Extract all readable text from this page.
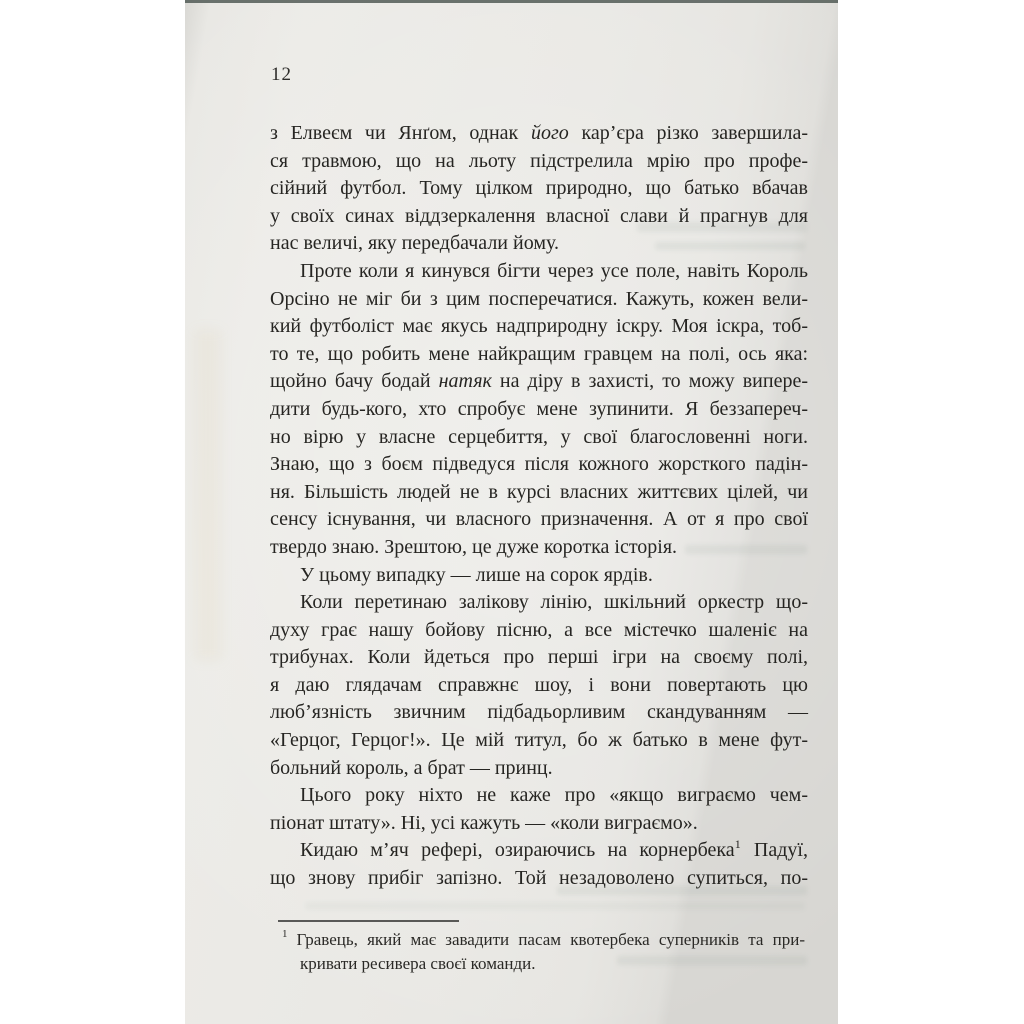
12
з Елвеєм чи Янґом, однак його кар’єра різко завершила-
ся травмою, що на льоту підстрелила мрію про профе-
сійний футбол. Тому цілком природно, що батько вбачав
у своїх синах віддзеркалення власної слави й прагнув для
нас величі, яку передбачали йому.
Проте коли я кинувся бігти через усе поле, навіть Король
Орсіно не міг би з цим посперечатися. Кажуть, кожен вели-
кий футболіст має якусь надприродну іскру. Моя іскра, тоб-
то те, що робить мене найкращим гравцем на полі, ось яка:
щойно бачу бодай натяк на діру в захисті, то можу випере-
дити будь-кого, хто спробує мене зупинити. Я беззапереч-
но вірю у власне серцебиття, у свої благословенні ноги.
Знаю, що з боєм підведуся після кожного жорсткого падін-
ня. Більшість людей не в курсі власних життєвих цілей, чи
сенсу існування, чи власного призначення. А от я про свої
твердо знаю. Зрештою, це дуже коротка історія.
У цьому випадку — лише на сорок ярдів.
Коли перетинаю залікову лінію, шкільний оркестр що-
духу грає нашу бойову пісню, а все містечко шаленіє на
трибунах. Коли йдеться про перші ігри на своєму полі,
я даю глядачам справжнє шоу, і вони повертають цю
люб’язність звичним підбадьорливим скандуванням —
«Герцог, Герцог!». Це мій титул, бо ж батько в мене фут-
больний король, а брат — принц.
Цього року ніхто не каже про «якщо виграємо чем-
піонат штату». Ні, усі кажуть — «коли виграємо».
Кидаю м’яч рефері, озираючись на корнербека$^1$ Падуї,
що знову прибіг запізно. Той незадоволено супиться, по-
$^1$ Гравець, який має завадити пасам квотербека суперників та при-
кривати ресивера своєї команди.
